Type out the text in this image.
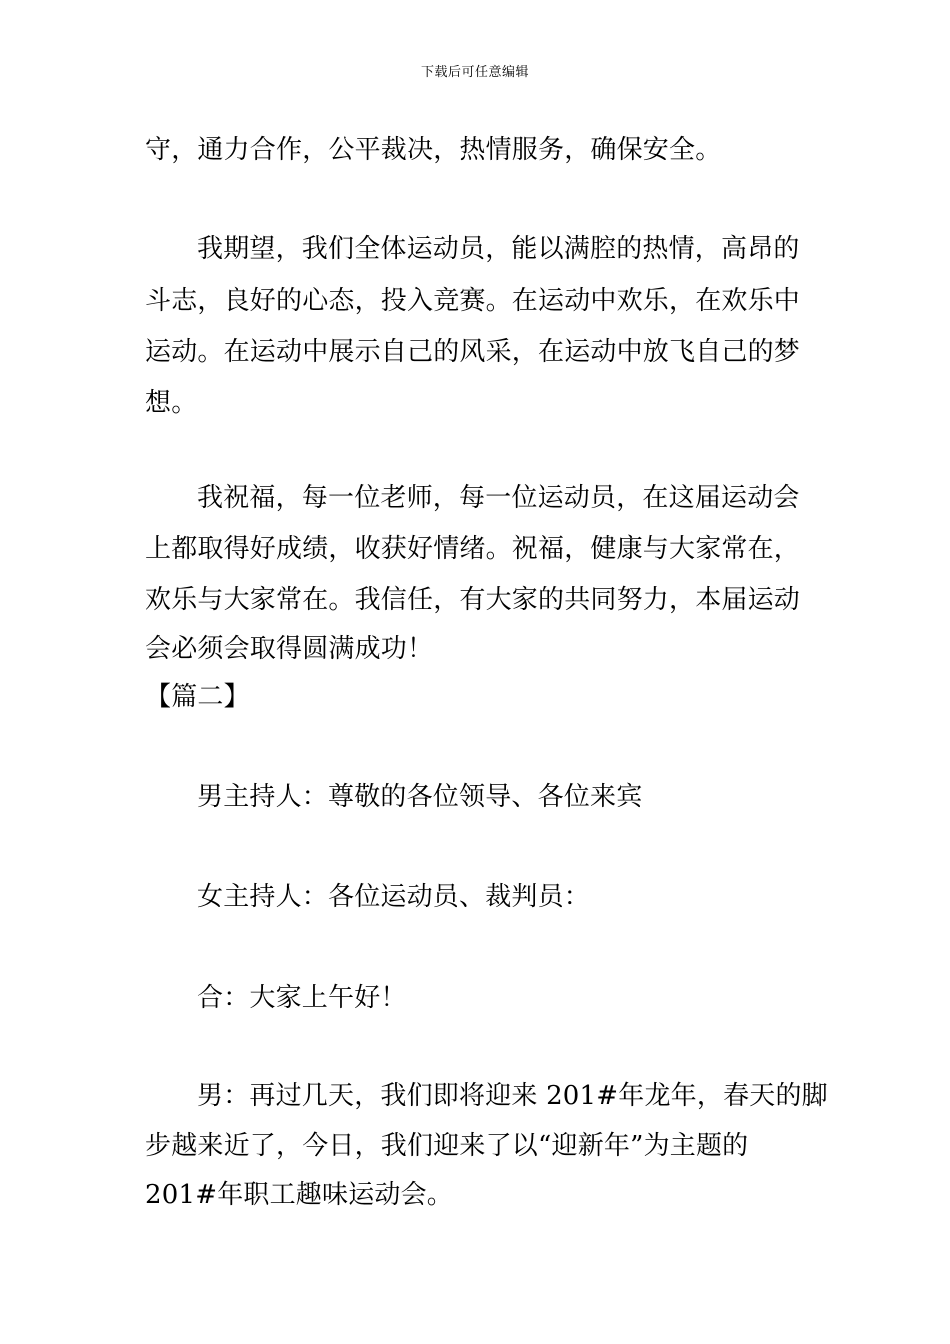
下载后可任意编辑
守，通力合作，公平裁决，热情服务，确保安全。
我期望，我们全体运动员，能以满腔的热情，高昂的
斗志，良好的心态，投入竞赛。在运动中欢乐，在欢乐中
运动。在运动中展示自己的风采，在运动中放飞自己的梦
想。
我祝福，每一位老师，每一位运动员，在这届运动会
上都取得好成绩，收获好情绪。祝福，健康与大家常在，
欢乐与大家常在。我信任，有大家的共同努力，本届运动
会必须会取得圆满成功！
【篇二】
男主持人：尊敬的各位领导、各位来宾
女主持人：各位运动员、裁判员：
合：大家上午好！
男：再过几天，我们即将迎来 201#年龙年，春天的脚
步越来近了，今日，我们迎来了以“迎新年”为主题的
201#年职工趣味运动会。
